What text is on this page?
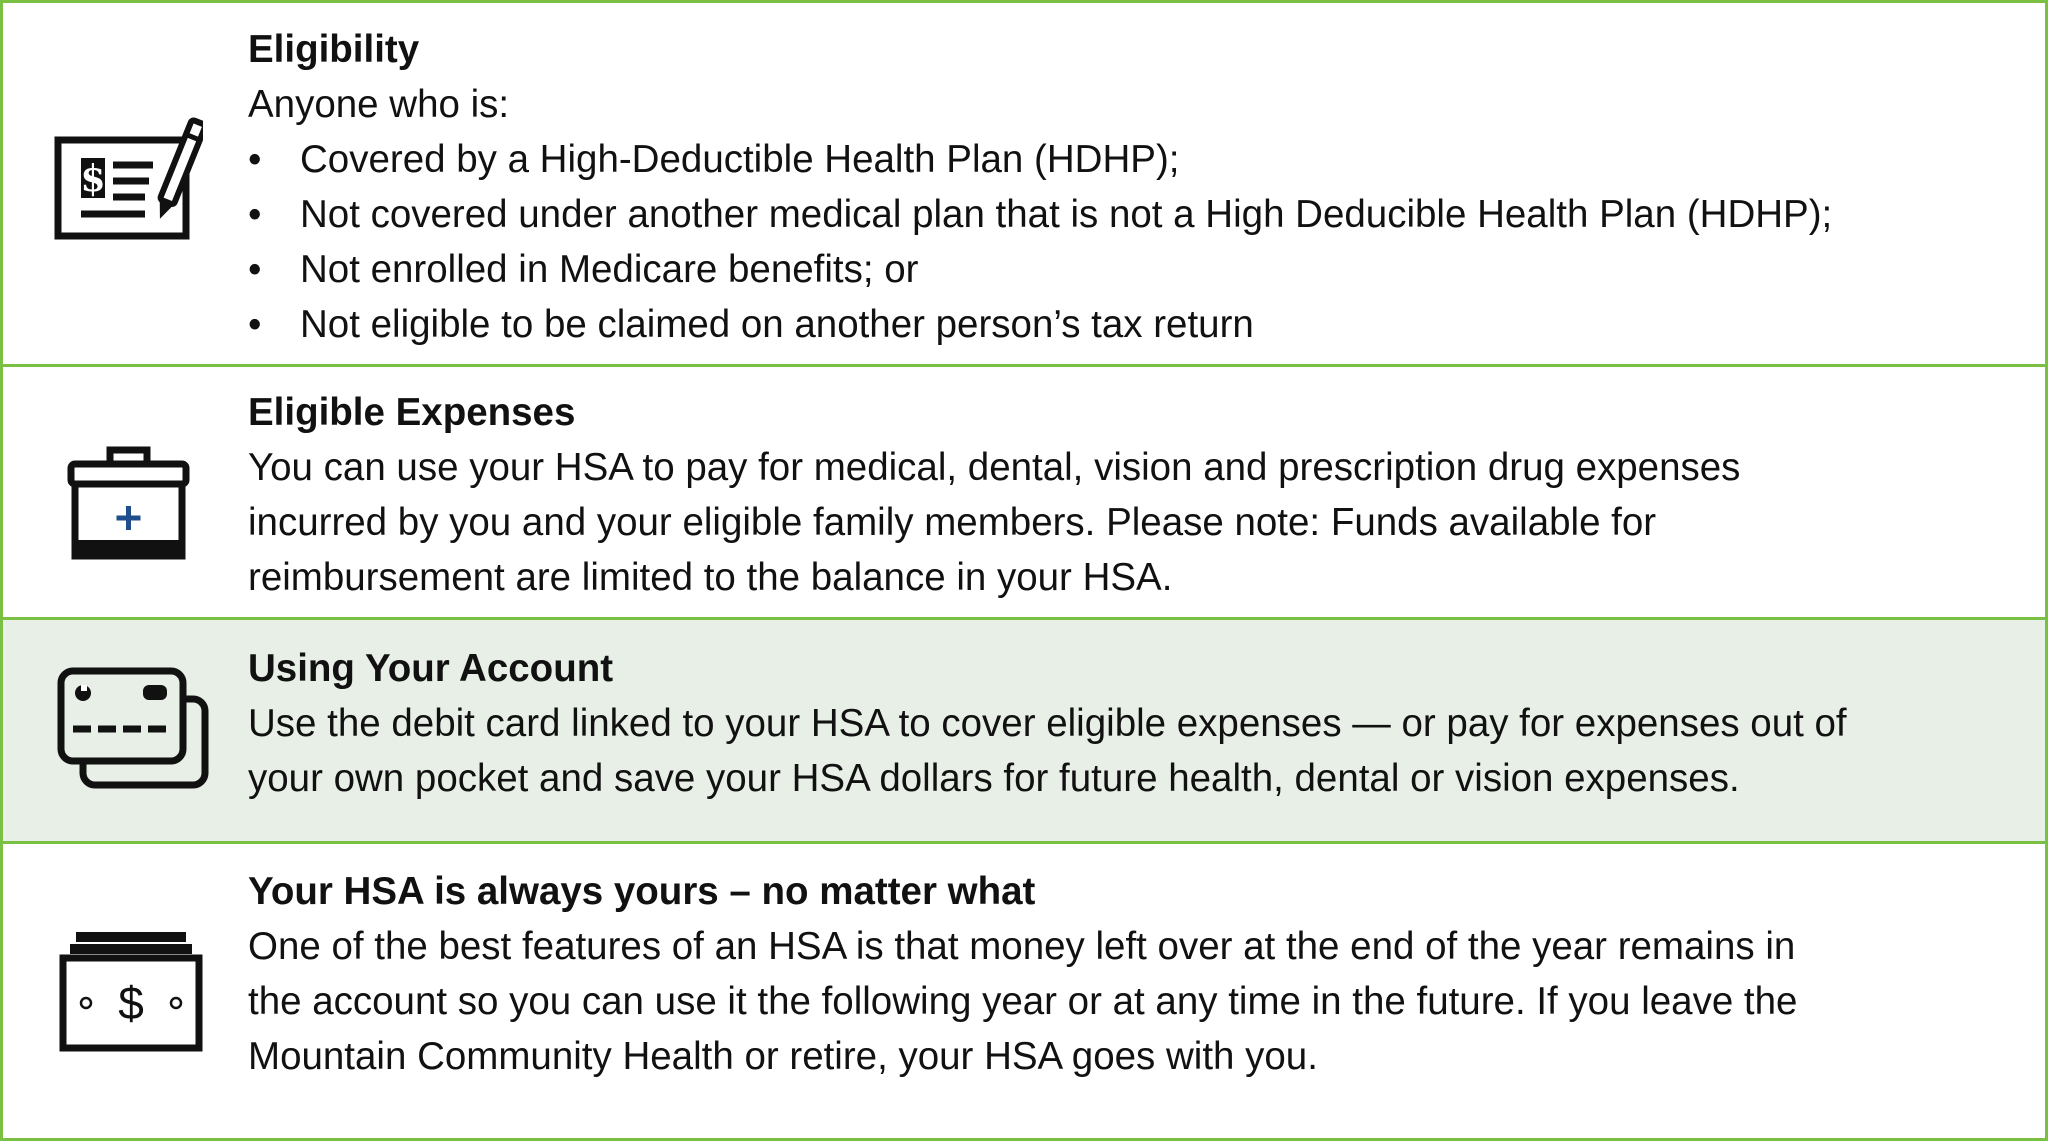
$

Eligibility

Anyone who is:

• Covered by a High-Deductible Health Plan (HDHP);
• Not covered under another medical plan that is not a High Deducible Health Plan (HDHP);
• Not enrolled in Medicare benefits; or
• Not eligible to be claimed on another person’s tax return

Eligible Expenses

You can use your HSA to pay for medical, dental, vision and prescription drug expenses

incurred by you and your eligible family members. Please note: Funds available for

reimbursement are limited to the balance in your HSA.

Using Your Account

Use the debit card linked to your HSA to cover eligible expenses — or pay for expenses out of

your own pocket and save your HSA dollars for future health, dental or vision expenses.

$

Your HSA is always yours – no matter what

One of the best features of an HSA is that money left over at the end of the year remains in

the account so you can use it the following year or at any time in the future. If you leave the

Mountain Community Health or retire, your HSA goes with you.
